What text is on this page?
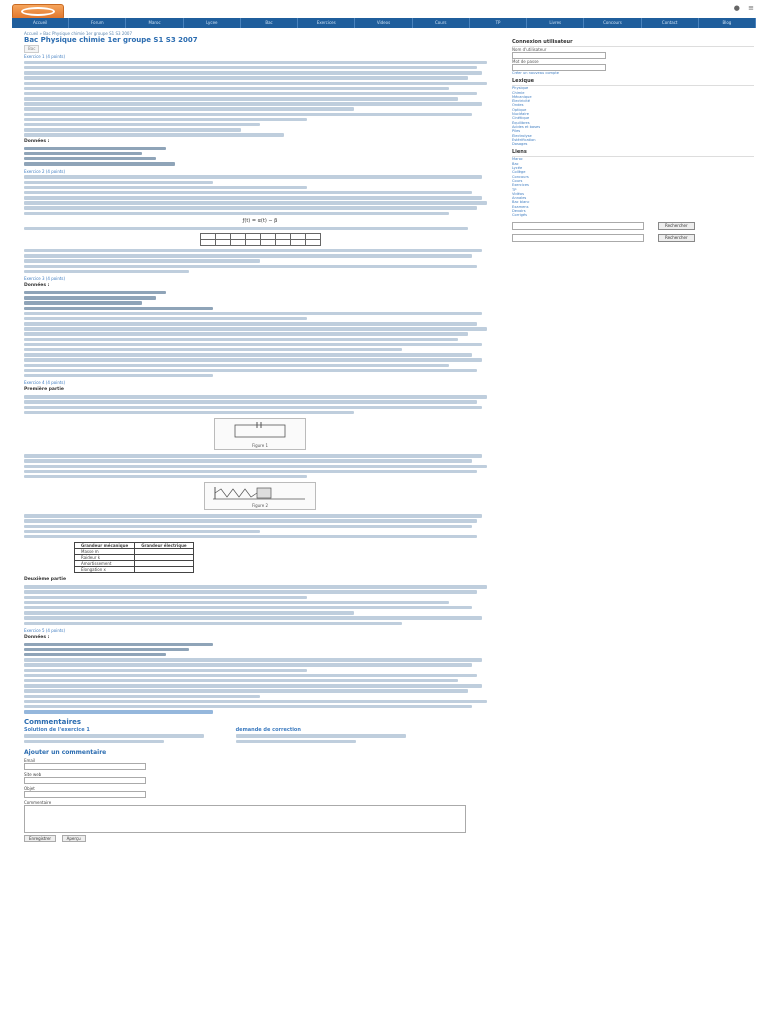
● ≡
Accueil	Forum	Maroc	Lycee	Bac	Exercices	Videos	Cours	TP	Livres	Concours	Contact	Blog
Accueil » Bac Physique chimie 1er groupe S1 S3 2007
Bac Physique chimie 1er groupe S1 S3 2007
Bac
Exercice 1 (4 points)
Données :
Exercice 2 (4 points)
ƒ(t) = α(t) − β

Exercice 3 (4 points)
Données :
Exercice 4 (4 points)
Première partie
Figure 1
Figure 2
Grandeur mécanique	Grandeur électrique
Masse m	
Raideur k	
Amortissement	
Élongation x	
Deuxième partie
Exercice 5 (4 points)
Données :
Commentaires
Solution de l'exercice 1
	demande de correction
Ajouter un commentaire
Email
Site web
Objet
Commentaire
Enregistrer	Aperçu
Connexion utilisateur
Nom d'utilisateur
Mot de passe
Créer un nouveau compte
Lexique
Physique
Chimie
Mécanique
Électricité
Ondes
Optique
Nucléaire
Cinétique
Équilibres
Acides et bases
Piles
Électrolyse
Estérification
Dosages
Liens
Maroc
Bac
Lycée
Collège
Concours
Cours
Exercices
TP
Vidéos
Annales
Bac blanc
Examens
Devoirs
Corrigés
Rechercher
Rechercher
